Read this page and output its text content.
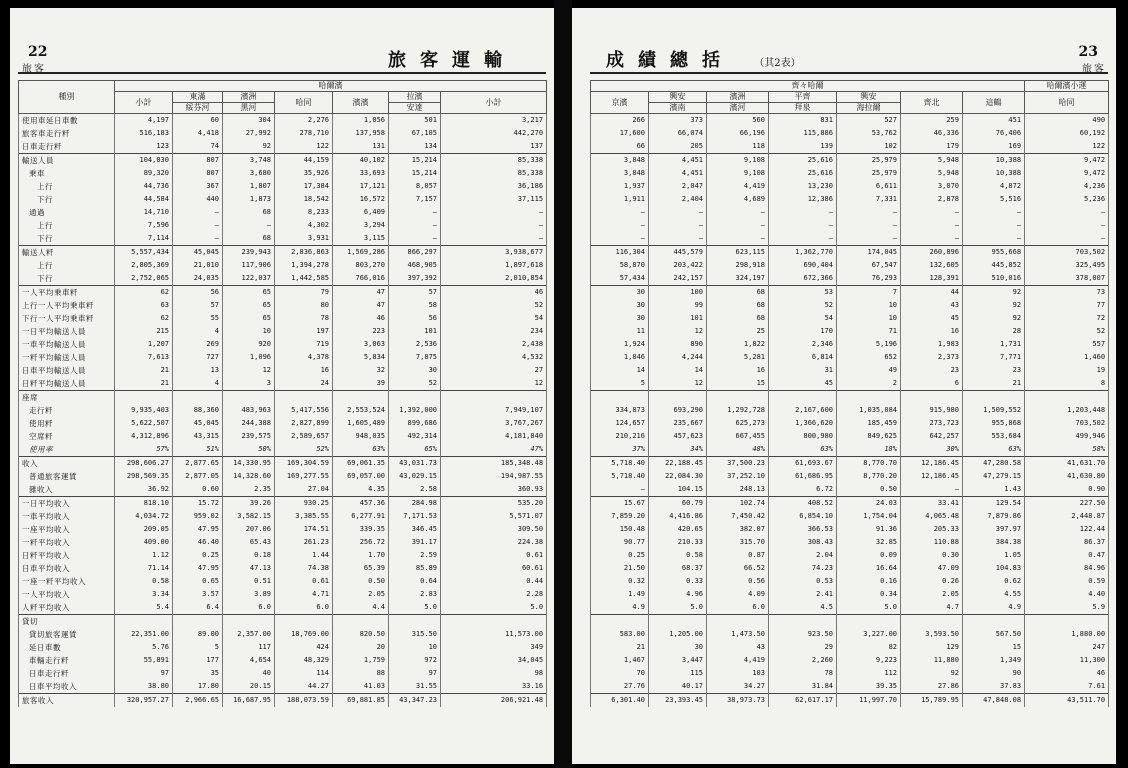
22
旅客	旅客運輸
種別	哈爾濱						
	小計	東滿	濱洲	哈同	濱濱	拉濱	小計
		綏芬河	黑河			安達	
使用車延日車數	4,197	60	304	2,276	1,056	501	3,217
旅客車走行粁	516,183	4,418	27,992	278,710	137,958	67,105	442,270
日車走行粁	123	74	92	122	131	134	137
輸送人員	104,030	807	3,748	44,159	40,102	15,214	85,338
乗車	89,320	807	3,680	35,926	33,693	15,214	85,338
上行	44,736	367	1,807	17,384	17,121	8,057	36,186
下行	44,584	440	1,873	18,542	16,572	7,157	37,115
通過	14,710	—	68	8,233	6,409	—	—
上行	7,596	—	—	4,302	3,294	—	—
下行	7,114	—	68	3,931	3,115	—	—
輸送人粁	5,557,434	45,045	239,943	2,836,863	1,569,286	866,297	3,938,677
上行	2,805,369	21,010	117,906	1,394,278	803,270	468,905	1,897,618
下行	2,752,065	24,035	122,037	1,442,585	766,016	397,392	2,010,854
一人平均乗車粁	62	56	65	79	47	57	46
上行一人平均乗車粁	63	57	65	80	47	58	52
下行一人平均乗車粁	62	55	65	78	46	56	54
一日平均輸送人員	215	4	10	197	223	101	234
一車平均輸送人員	1,207	269	920	719	3,063	2,536	2,438
一粁平均輸送人員	7,613	727	1,096	4,378	5,834	7,875	4,532
日車平均輸送人員	21	13	12	16	32	30	27
日粁平均輸送人員	21	4	3	24	39	52	12
座席							
走行粁	9,935,403	88,360	483,963	5,417,556	2,553,524	1,392,000	7,949,107
使用粁	5,622,507	45,045	244,388	2,827,899	1,605,489	899,686	3,767,267
空席粁	4,312,896	43,315	239,575	2,589,657	948,035	492,314	4,181,840
使用率	57%	51%	50%	52%	63%	65%	47%
收入	298,606.27	2,877.65	14,330.95	169,304.59	69,061.35	43,031.73	185,348.48
普通旅客運賃	298,569.35	2,877.05	14,328.60	169,277.55	69,057.00	43,029.15	194,987.55
雜收入	36.92	0.60	2.35	27.04	4.35	2.58	360.93
一日平均收入	818.10	15.72	39.26	930.25	457.36	284.98	535.20
一車平均收入	4,034.72	959.02	3,582.15	3,385.55	6,277.91	7,171.53	5,571.07
一座平均收入	209.05	47.95	207.06	174.51	339.35	346.45	309.50
一粁平均收入	409.00	46.40	65.43	261.23	256.72	391.17	224.38
日粁平均收入	1.12	0.25	0.18	1.44	1.70	2.59	0.61
日車平均收入	71.14	47.95	47.13	74.38	65.39	85.89	60.61
一座一粁平均收入	0.58	0.65	0.51	0.61	0.50	0.64	0.44
一人平均收入	3.34	3.57	3.89	4.71	2.05	2.83	2.28
人粁平均收入	5.4	6.4	6.0	6.0	4.4	5.0	5.0
貸切							
貸切旅客運賃	22,351.00	89.00	2,357.00	18,769.00	820.50	315.50	11,573.00
延日車數	5.76	5	117	424	20	10	349
車輛走行粁	55,891	177	4,654	48,329	1,759	972	34,045
日車走行粁	97	35	40	114	88	97	98
日車平均收入	38.80	17.80	20.15	44.27	41.03	31.55	33.16
旅客收入	320,957.27	2,966.65	16,687.95	188,073.59	69,881.85	43,347.23	206,921.48
成績總括 （其2表）
23
旅客
齊々哈爾							哈爾濱小運
京濱	興安	濱洲	平齊	興安	齊北	這鶴	哈同
	濱南	濱河	拜泉	海拉爾			
266	373	560	831	527	259	451	490
17,600	66,074	66,196	115,886	53,762	46,336	76,406	60,192
66	205	118	139	102	179	169	122
3,848	4,451	9,108	25,616	25,979	5,948	10,388	9,472
3,848	4,451	9,108	25,616	25,979	5,948	10,388	9,472
1,937	2,047	4,419	13,230	6,611	3,070	4,872	4,236
1,911	2,404	4,689	12,386	7,331	2,878	5,516	5,236
—	—	—	—	—	—	—	—
—	—	—	—	—	—	—	—
—	—	—	—	—	—	—	—
116,304	445,579	623,115	1,362,770	174,045	260,896	955,668	703,502
58,870	203,422	298,918	690,404	67,547	132,605	445,852	325,495
57,434	242,157	324,197	672,366	76,293	128,391	510,016	378,007
30	100	68	53	7	44	92	73
30	99	68	52	10	43	92	77
30	101	68	54	10	45	92	72
11	12	25	170	71	16	28	52
1,924	890	1,822	2,346	5,196	1,983	1,731	557
1,846	4,244	5,281	6,814	652	2,373	7,771	1,460
14	14	16	31	49	23	23	19
5	12	15	45	2	6	21	8

334,873	693,290	1,292,728	2,167,600	1,035,084	915,980	1,509,552	1,203,448
124,657	235,667	625,273	1,366,620	185,459	273,723	955,868	703,502
210,216	457,623	667,455	800,980	849,625	642,257	553,684	499,946
37%	34%	48%	63%	18%	30%	63%	58%
5,718.40	22,188.45	37,500.23	61,693.67	8,770.70	12,186.45	47,280.58	41,631.70
5,718.40	22,084.30	37,252.10	61,686.95	8,770.20	12,186.45	47,279.15	41,630.80
—	104.15	248.13	6.72	0.50	—	1.43	0.90
15.67	60.79	102.74	408.52	24.03	33.41	129.54	227.50
7,859.20	4,416.86	7,450.42	6,854.10	1,754.04	4,065.48	7,879.86	2,448.87
150.48	420.65	382.07	366.53	91.36	205.33	397.97	122.44
90.77	210.33	315.70	308.43	32.85	110.88	384.38	86.37
0.25	0.58	0.87	2.04	0.09	0.30	1.05	0.47
21.50	68.37	66.52	74.23	16.64	47.09	104.83	84.96
0.32	0.33	0.56	0.53	0.16	0.26	0.62	0.59
1.49	4.96	4.09	2.41	0.34	2.05	4.55	4.40
4.9	5.0	6.0	4.5	5.0	4.7	4.9	5.9

583.00	1,205.00	1,473.50	923.50	3,227.00	3,593.50	567.50	1,880.00
21	30	43	29	82	129	15	247
1,467	3,447	4,419	2,260	9,223	11,880	1,349	11,300
70	115	103	78	112	92	90	46
27.76	40.17	34.27	31.84	39.35	27.86	37.83	7.61
6,301.40	23,393.45	38,973.73	62,617.17	11,997.70	15,789.95	47,848.08	43,511.70
